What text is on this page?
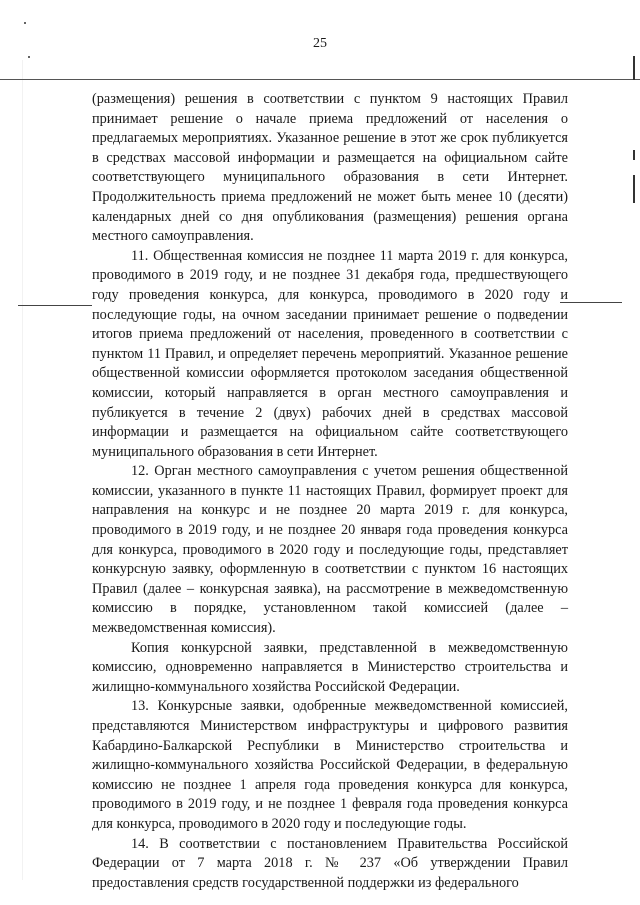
25

(размещения) решения в соответствии с пунктом 9 настоящих Правил принимает решение о начале приема предложений от населения о предлагаемых мероприятиях. Указанное решение в этот же срок публикуется в средствах массовой информации и размещается на официальном сайте соответствующего муниципального образования в сети Интернет. Продолжительность приема предложений не может быть менее 10 (десяти) календарных дней со дня опубликования (размещения) решения органа местного самоуправления.

11. Общественная комиссия не позднее 11 марта 2019 г. для конкурса, проводимого в 2019 году, и не позднее 31 декабря года, предшествующего году проведения конкурса, для конкурса, проводимого в 2020 году и последующие годы, на очном заседании принимает решение о подведении итогов приема предложений от населения, проведенного в соответствии с пунктом 11 Правил, и определяет перечень мероприятий. Указанное решение общественной комиссии оформляется протоколом заседания общественной комиссии, который направляется в орган местного самоуправления и публикуется в течение 2 (двух) рабочих дней в средствах массовой информации и размещается на официальном сайте соответствующего муниципального образования в сети Интернет.

12. Орган местного самоуправления с учетом решения общественной комиссии, указанного в пункте 11 настоящих Правил, формирует проект для направления на конкурс и не позднее 20 марта 2019 г. для конкурса, проводимого в 2019 году, и не позднее 20 января года проведения конкурса для конкурса, проводимого в 2020 году и последующие годы, представляет конкурсную заявку, оформленную в соответствии с пунктом 16 настоящих Правил (далее – конкурсная заявка), на рассмотрение в межведомственную комиссию в порядке, установленном такой комиссией (далее – межведомственная комиссия).

Копия конкурсной заявки, представленной в межведомственную комиссию, одновременно направляется в Министерство строительства и жилищно-коммунального хозяйства Российской Федерации.

13. Конкурсные заявки, одобренные межведомственной комиссией, представляются Министерством инфраструктуры и цифрового развития Кабардино-Балкарской Республики в Министерство строительства и жилищно-коммунального хозяйства Российской Федерации, в федеральную комиссию не позднее 1 апреля года проведения конкурса для конкурса, проводимого в 2019 году, и не позднее 1 февраля года проведения конкурса для конкурса, проводимого в 2020 году и последующие годы.

14. В соответствии с постановлением Правительства Российской Федерации от 7 марта 2018 г. № 237 «Об утверждении Правил предоставления средств государственной поддержки из федерального
